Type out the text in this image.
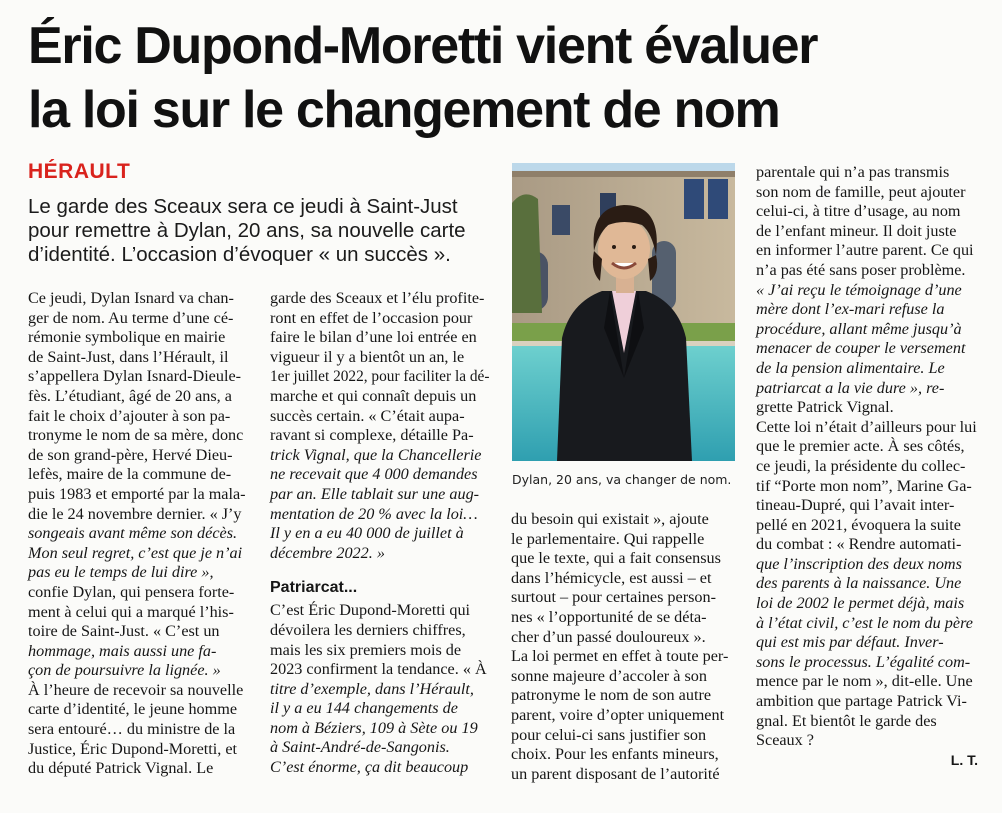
Éric Dupond-Moretti vient évaluer
la loi sur le changement de nom
HÉRAULT
Le garde des Sceaux sera ce jeudi à Saint-Just
pour remettre à Dylan, 20 ans, sa nouvelle carte
d’identité. L’occasion d’évoquer « un succès ».
Ce jeudi, Dylan Isnard va chan-
ger de nom. Au terme d’une cé-
rémonie symbolique en mairie
de Saint-Just, dans l’Hérault, il
s’appellera Dylan Isnard-Dieule-
fès. L’étudiant, âgé de 20 ans, a
fait le choix d’ajouter à son pa-
tronyme le nom de sa mère, donc
de son grand-père, Hervé Dieu-
lefès, maire de la commune de-
puis 1983 et emporté par la mala-
die le 24 novembre dernier. « J’y
songeais avant même son décès.
Mon seul regret, c’est que je n’ai
pas eu le temps de lui dire »,
confie Dylan, qui pensera forte-
ment à celui qui a marqué l’his-
toire de Saint-Just. « C’est un
hommage, mais aussi une fa-
çon de poursuivre la lignée. »
À l’heure de recevoir sa nouvelle
carte d’identité, le jeune homme
sera entouré… du ministre de la
Justice, Éric Dupond-Moretti, et
du député Patrick Vignal. Le
garde des Sceaux et l’élu profite-
ront en effet de l’occasion pour
faire le bilan d’une loi entrée en
vigueur il y a bientôt un an, le
1er juillet 2022, pour faciliter la dé-
marche et qui connaît depuis un
succès certain. « C’était aupa-
ravant si complexe, détaille Pa-
trick Vignal, que la Chancellerie
ne recevait que 4 000 demandes
par an. Elle tablait sur une aug-
mentation de 20 % avec la loi…
Il y en a eu 40 000 de juillet à
décembre 2022. »
Patriarcat...
C’est Éric Dupond-Moretti qui
dévoilera les derniers chiffres,
mais les six premiers mois de
2023 confirment la tendance. « À
titre d’exemple, dans l’Hérault,
il y a eu 144 changements de
nom à Béziers, 109 à Sète ou 19
à Saint-André-de-Sangonis.
C’est énorme, ça dit beaucoup
Dylan, 20 ans, va changer de nom.
du besoin qui existait », ajoute
le parlementaire. Qui rappelle
que le texte, qui a fait consensus
dans l’hémicycle, est aussi – et
surtout – pour certaines person-
nes « l’opportunité de se déta-
cher d’un passé douloureux ».
La loi permet en effet à toute per-
sonne majeure d’accoler à son
patronyme le nom de son autre
parent, voire d’opter uniquement
pour celui-ci sans justifier son
choix. Pour les enfants mineurs,
un parent disposant de l’autorité
parentale qui n’a pas transmis
son nom de famille, peut ajouter
celui-ci, à titre d’usage, au nom
de l’enfant mineur. Il doit juste
en informer l’autre parent. Ce qui
n’a pas été sans poser problème.
« J’ai reçu le témoignage d’une
mère dont l’ex-mari refuse la
procédure, allant même jusqu’à
menacer de couper le versement
de la pension alimentaire. Le
patriarcat a la vie dure », re-
grette Patrick Vignal.
Cette loi n’était d’ailleurs pour lui
que le premier acte. À ses côtés,
ce jeudi, la présidente du collec-
tif “Porte mon nom”, Marine Ga-
tineau-Dupré, qui l’avait inter-
pellé en 2021, évoquera la suite
du combat : « Rendre automati-
que l’inscription des deux noms
des parents à la naissance. Une
loi de 2002 le permet déjà, mais
à l’état civil, c’est le nom du père
qui est mis par défaut. Inver-
sons le processus. L’égalité com-
mence par le nom », dit-elle. Une
ambition que partage Patrick Vi-
gnal. Et bientôt le garde des
Sceaux ?
L. T.
